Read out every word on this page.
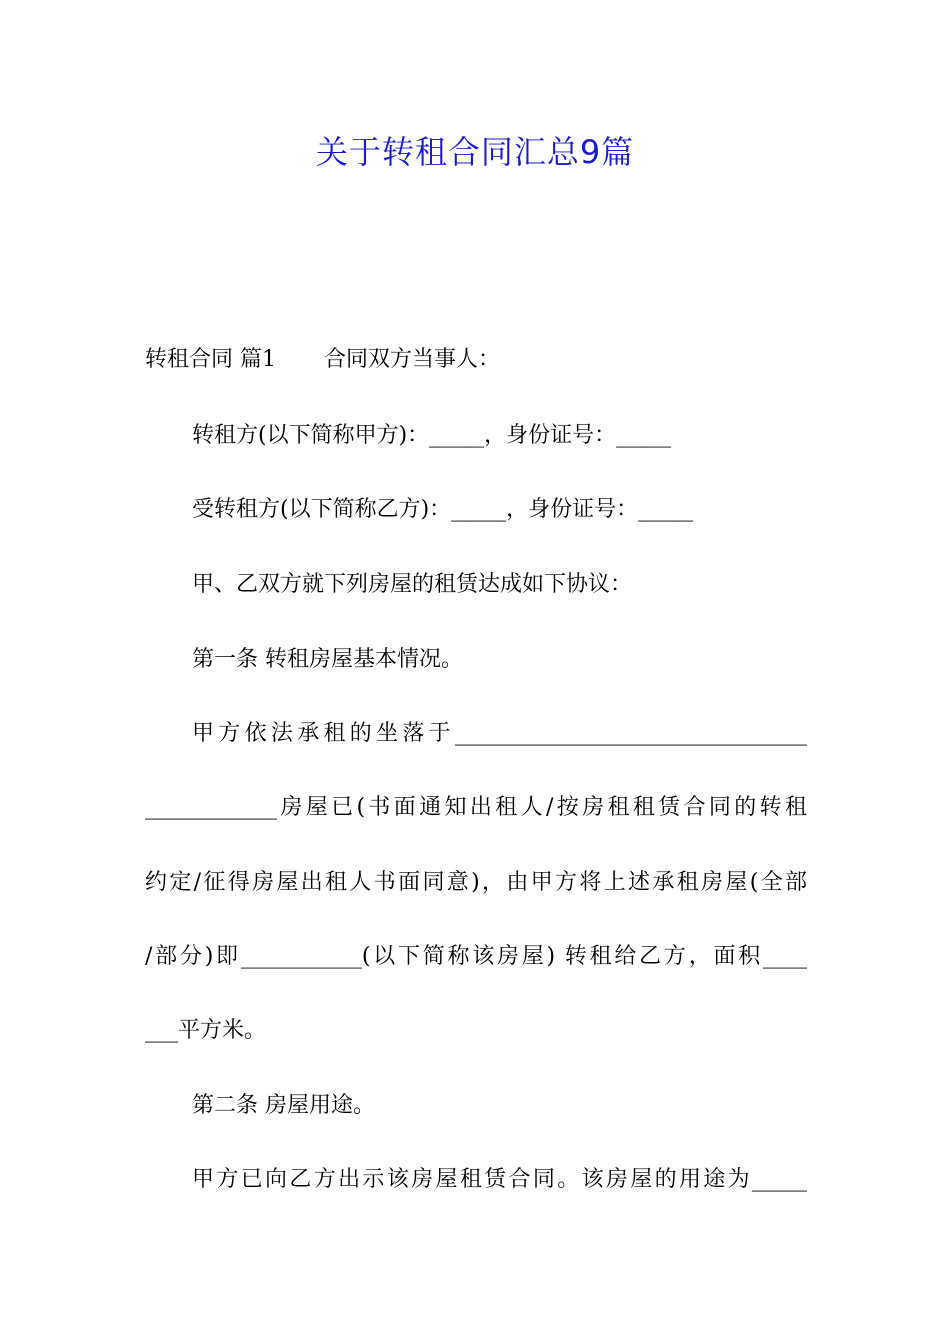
关于转租合同汇总9篇
转租合同 篇1 合同双方当事人：
转租方(以下简称甲方)：_____，身份证号：_____
受转租方(以下简称乙方)：_____，身份证号：_____
甲、乙双方就下列房屋的租赁达成如下协议：
第一条 转租房屋基本情况。
甲方依法承租的坐落于________________________________
____________房屋已(书面通知出租人/按房租租赁合同的转租
约定/征得房屋出租人书面同意)，由甲方将上述承租房屋(全部
/部分)即___________(以下简称该房屋) 转租给乙方，面积____
___平方米。
第二条 房屋用途。
甲方已向乙方出示该房屋租赁合同。该房屋的用途为_____
